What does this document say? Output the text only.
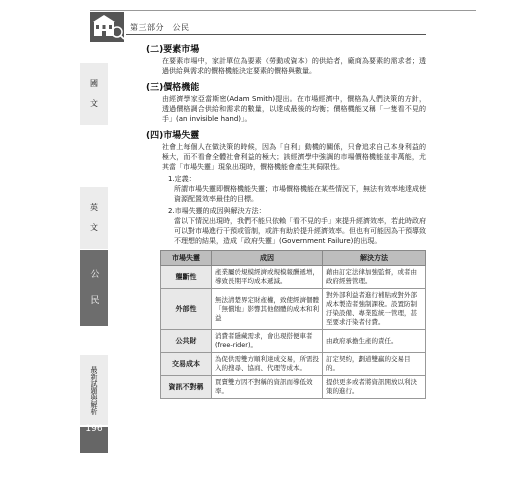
第三部分　公民
國　文
英　文
公　民
最新試題與解析
196
(二)要素市場
在要素市場中，家計單位為要素（勞動或資本）的供給者，廠商為要素的需求者；透過供給與需求的價格機能決定要素的價格與數量。
(三)價格機能
由經濟學家亞當斯密(Adam Smith)提出。在市場經濟中，價格為人們決策的方針，透過價格調合供給和需求的數量，以達成最後的均衡；價格機能又稱「一隻看不見的手」(an invisible hand)」。
(四)市場失靈
社會上每個人在做決策的時候，因為「自利」動機的關係，只會追求自己本身利益的極大，而不看會全體社會利益的極大；該經濟學中強調的市場價格機能並非萬能，尤其當「市場失靈」現象出現時，價格機能會產生其侷限性。
1.定義：
所謂市場失靈即價格機能失靈；市場價格機能在某些情況下，無法有效率地達成使資源配置效率最佳的目標。
2.市場失靈的成因與解決方法：
當以下情況出現時，我們不能只依賴「看不見的手」來提升經濟效率，若此時政府可以對市場進行干預或管制，或許有助於提升經濟效率。但也有可能因為干預導致不理想的結果，造成「政府失靈」(Government Failure)的出現。
市場失靈	成因	解決方法
壟斷性	產業屬於規模經濟或規模報酬遞增，導致長期平均成本遞減。	藉由訂定法律加強監督，或者由政府經營管理。
外部性	無法清楚界定財產權，致使經濟個體「無償地」影響其他個體的成本和利益	對外部利益者進行補貼或對外部成本製造者強制課稅。設置防制汙染設備、專業監統一管理，甚至要求汙染者付費。
公共財	消費者隱藏需求，會出現搭便車者(free-rider)。	由政府承擔生產的責任。
交易成本	為促供需雙方順利達成交易，所需投入的搜尋、協商、代理等成本。	訂定契約，劃道雙贏的交易目的。
資訊不對稱	買賣雙方因不對稱的資訊而導低效率。	提供更多或者將資訊開放以利決策的進行。
